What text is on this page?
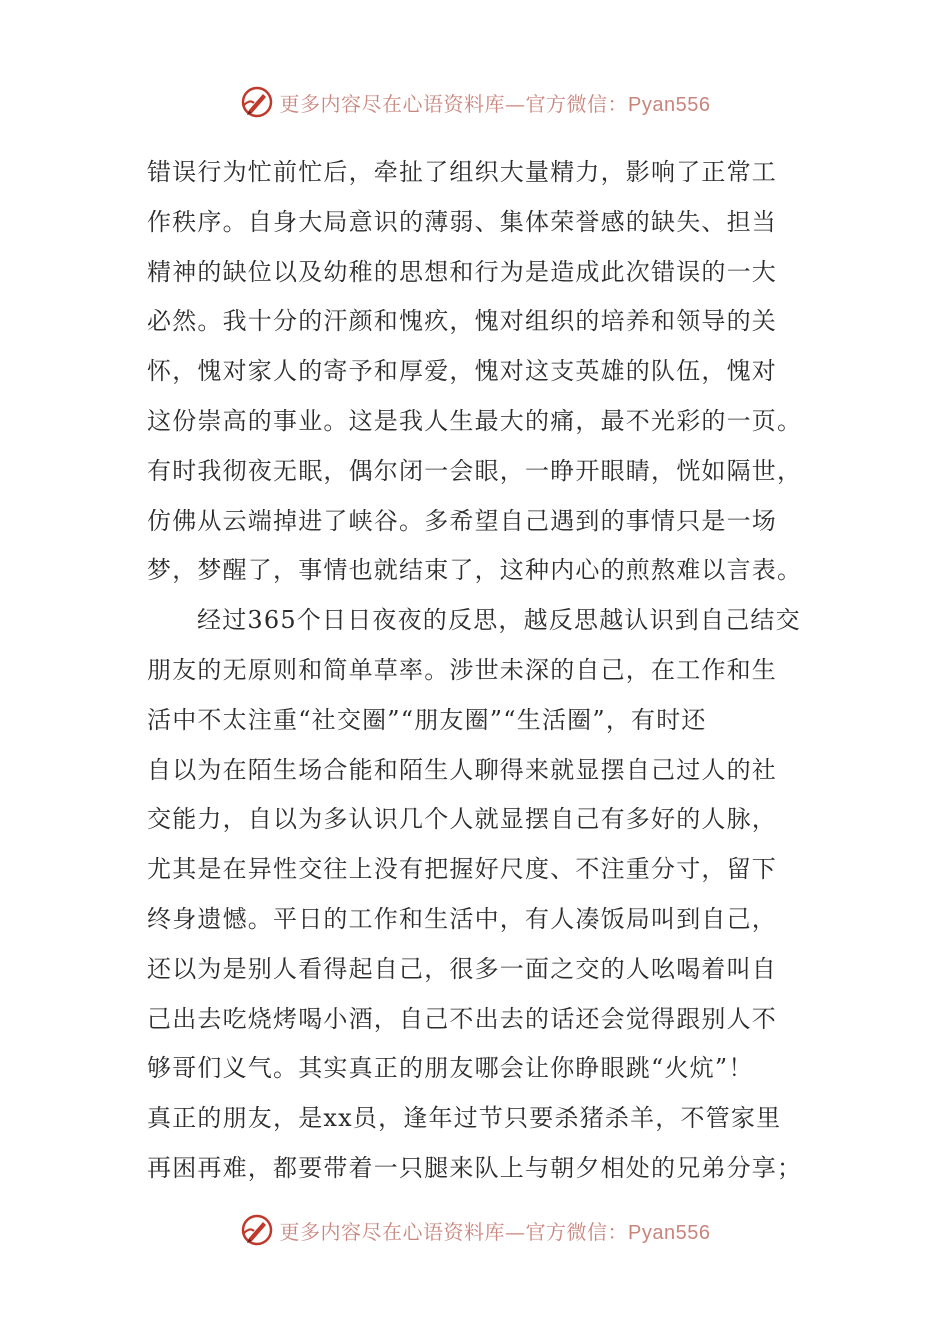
更多内容尽在心语资料库—官方微信：Pyan556
错误行为忙前忙后，牵扯了组织大量精力，影响了正常工
作秩序。自身大局意识的薄弱、集体荣誉感的缺失、担当
精神的缺位以及幼稚的思想和行为是造成此次错误的一大
必然。我十分的汗颜和愧疚，愧对组织的培养和领导的关
怀，愧对家人的寄予和厚爱，愧对这支英雄的队伍，愧对
这份崇高的事业。这是我人生最大的痛，最不光彩的一页。
有时我彻夜无眠，偶尔闭一会眼，一睁开眼睛，恍如隔世，
仿佛从云端掉进了峡谷。多希望自己遇到的事情只是一场
梦，梦醒了，事情也就结束了，这种内心的煎熬难以言表。
经过365个日日夜夜的反思，越反思越认识到自己结交
朋友的无原则和简单草率。涉世未深的自己，在工作和生
活中不太注重“社交圈”“朋友圈”“生活圈”，有时还
自以为在陌生场合能和陌生人聊得来就显摆自己过人的社
交能力，自以为多认识几个人就显摆自己有多好的人脉，
尤其是在异性交往上没有把握好尺度、不注重分寸，留下
终身遗憾。平日的工作和生活中，有人凑饭局叫到自己，
还以为是别人看得起自己，很多一面之交的人吆喝着叫自
己出去吃烧烤喝小酒，自己不出去的话还会觉得跟别人不
够哥们义气。其实真正的朋友哪会让你睁眼跳“火炕”！
真正的朋友，是xx员，逢年过节只要杀猪杀羊，不管家里
再困再难，都要带着一只腿来队上与朝夕相处的兄弟分享；
更多内容尽在心语资料库—官方微信：Pyan556
